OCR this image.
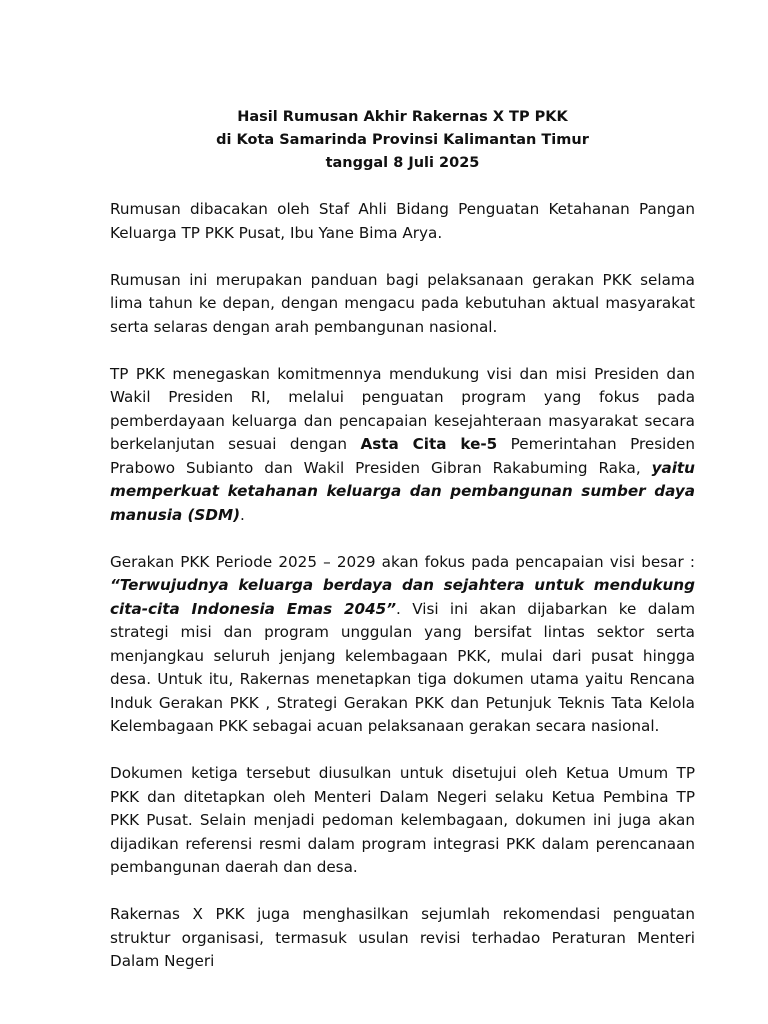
Hasil Rumusan Akhir Rakernas X TP PKK
di Kota Samarinda Provinsi Kalimantan Timur
tanggal 8 Juli 2025

Rumusan dibacakan oleh Staf Ahli Bidang Penguatan Ketahanan Pangan Keluarga TP PKK Pusat, Ibu Yane Bima Arya.

Rumusan ini merupakan panduan bagi pelaksanaan gerakan PKK selama lima tahun ke depan, dengan mengacu pada kebutuhan aktual masyarakat serta selaras dengan arah pembangunan nasional.

TP PKK menegaskan komitmennya mendukung visi dan misi Presiden dan Wakil Presiden RI, melalui penguatan program yang fokus pada pemberdayaan keluarga dan pencapaian kesejahteraan masyarakat secara berkelanjutan sesuai dengan Asta Cita ke-5 Pemerintahan Presiden Prabowo Subianto dan Wakil Presiden Gibran Rakabuming Raka, yaitu memperkuat ketahanan keluarga dan pembangunan sumber daya manusia (SDM).

Gerakan PKK Periode 2025 – 2029 akan fokus pada pencapaian visi besar : “Terwujudnya keluarga berdaya dan sejahtera untuk mendukung cita-cita Indonesia Emas 2045”. Visi ini akan dijabarkan ke dalam strategi misi dan program unggulan yang bersifat lintas sektor serta menjangkau seluruh jenjang kelembagaan PKK, mulai dari pusat hingga desa. Untuk itu, Rakernas menetapkan tiga dokumen utama yaitu Rencana Induk Gerakan PKK , Strategi Gerakan PKK dan Petunjuk Teknis Tata Kelola Kelembagaan PKK sebagai acuan pelaksanaan gerakan secara nasional.

Dokumen ketiga tersebut diusulkan untuk disetujui oleh Ketua Umum TP PKK dan ditetapkan oleh Menteri Dalam Negeri selaku Ketua Pembina TP PKK Pusat. Selain menjadi pedoman kelembagaan, dokumen ini juga akan dijadikan referensi resmi dalam program integrasi PKK dalam perencanaan pembangunan daerah dan desa.

Rakernas X PKK juga menghasilkan sejumlah rekomendasi penguatan struktur organisasi, termasuk usulan revisi terhadao Peraturan Menteri Dalam Negeri
